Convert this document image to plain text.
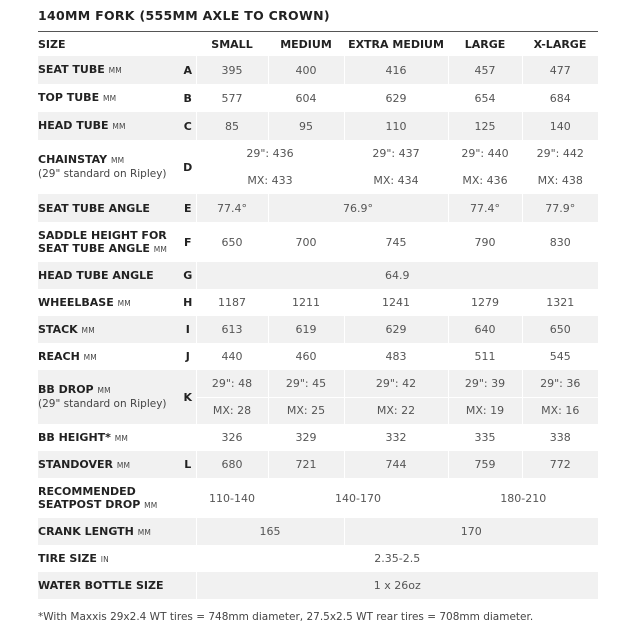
140MM FORK (555MM AXLE TO CROWN)
SIZE		SMALL	MEDIUM	EXTRA MEDIUM	LARGE	X-LARGE
SEAT TUBE MM	A	395	400	416	457	477
TOP TUBE MM	B	577	604	629	654	684
HEAD TUBE MM	C	85	95	110	125	140
CHAINSTAY MM
(29" standard on Ripley)	D	29": 436		29": 437	29": 440	29": 442
		MX: 433		MX: 434	MX: 436	MX: 438
SEAT TUBE ANGLE	E	77.4°	76.9°		77.4°	77.9°
SADDLE HEIGHT FOR
SEAT TUBE ANGLE MM	F	650	700	745	790	830
HEAD TUBE ANGLE	G	64.9				
WHEELBASE MM	H	1187	1211	1241	1279	1321
STACK MM	I	613	619	629	640	650
REACH MM	J	440	460	483	511	545
BB DROP MM
(29" standard on Ripley)	K	29": 48	29": 45	29": 42	29": 39	29": 36
		MX: 28	MX: 25	MX: 22	MX: 19	MX: 16
BB HEIGHT* MM		326	329	332	335	338
STANDOVER MM	L	680	721	744	759	772
RECOMMENDED
SEATPOST DROP MM		110-140	140-170		180-210	
CRANK LENGTH MM		165		170		
TIRE SIZE IN		2.35-2.5				
WATER BOTTLE SIZE		1 x 26oz				
*With Maxxis 29x2.4 WT tires = 748mm diameter, 27.5x2.5 WT rear tires = 708mm diameter.
